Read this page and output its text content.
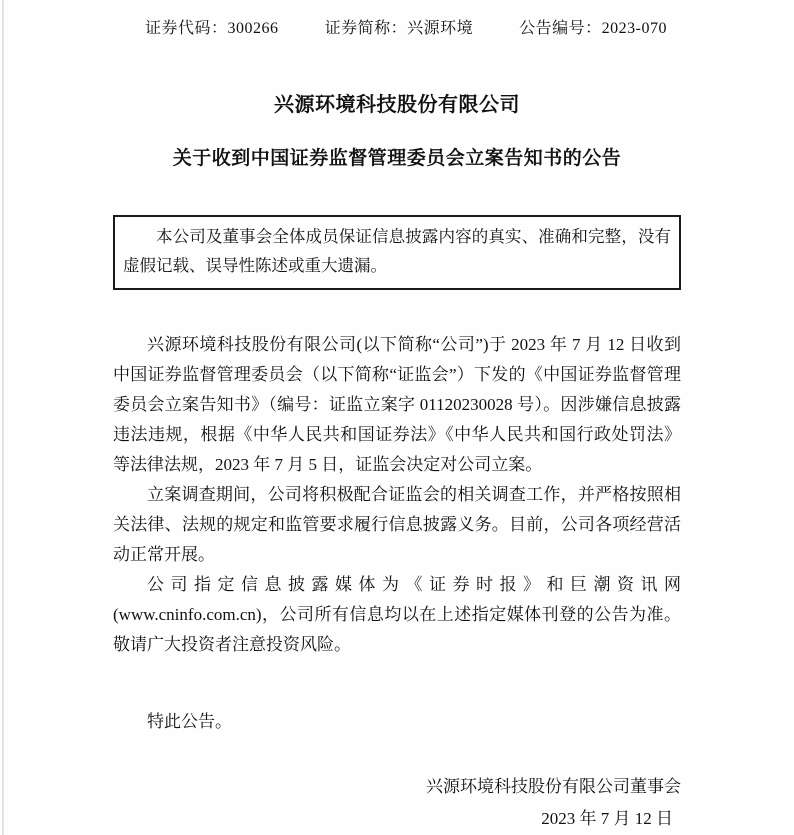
证券代码：300266	证券简称：兴源环境	公告编号：2023-070
兴源环境科技股份有限公司
关于收到中国证券监督管理委员会立案告知书的公告

本公司及董事会全体成员保证信息披露内容的真实、准确和完整，没有虚假记载、误导性陈述或重大遗漏。

兴源环境科技股份有限公司(以下简称“公司”)于 2023 年 7 月 12 日收到中国证券监督管理委员会（以下简称“证监会”）下发的《中国证券监督管理委员会立案告知书》（编号：证监立案字 01120230028 号）。因涉嫌信息披露违法违规，根据《中华人民共和国证券法》《中华人民共和国行政处罚法》等法律法规，2023 年 7 月 5 日，证监会决定对公司立案。

立案调查期间，公司将积极配合证监会的相关调查工作，并严格按照相关法律、法规的规定和监管要求履行信息披露义务。目前，公司各项经营活动正常开展。

公司指定信息披露媒体为《证券时报》和巨潮资讯网(www.cninfo.com.cn)，公司所有信息均以在上述指定媒体刊登的公告为准。敬请广大投资者注意投资风险。

特此公告。

兴源环境科技股份有限公司董事会

2023 年 7 月 12 日
